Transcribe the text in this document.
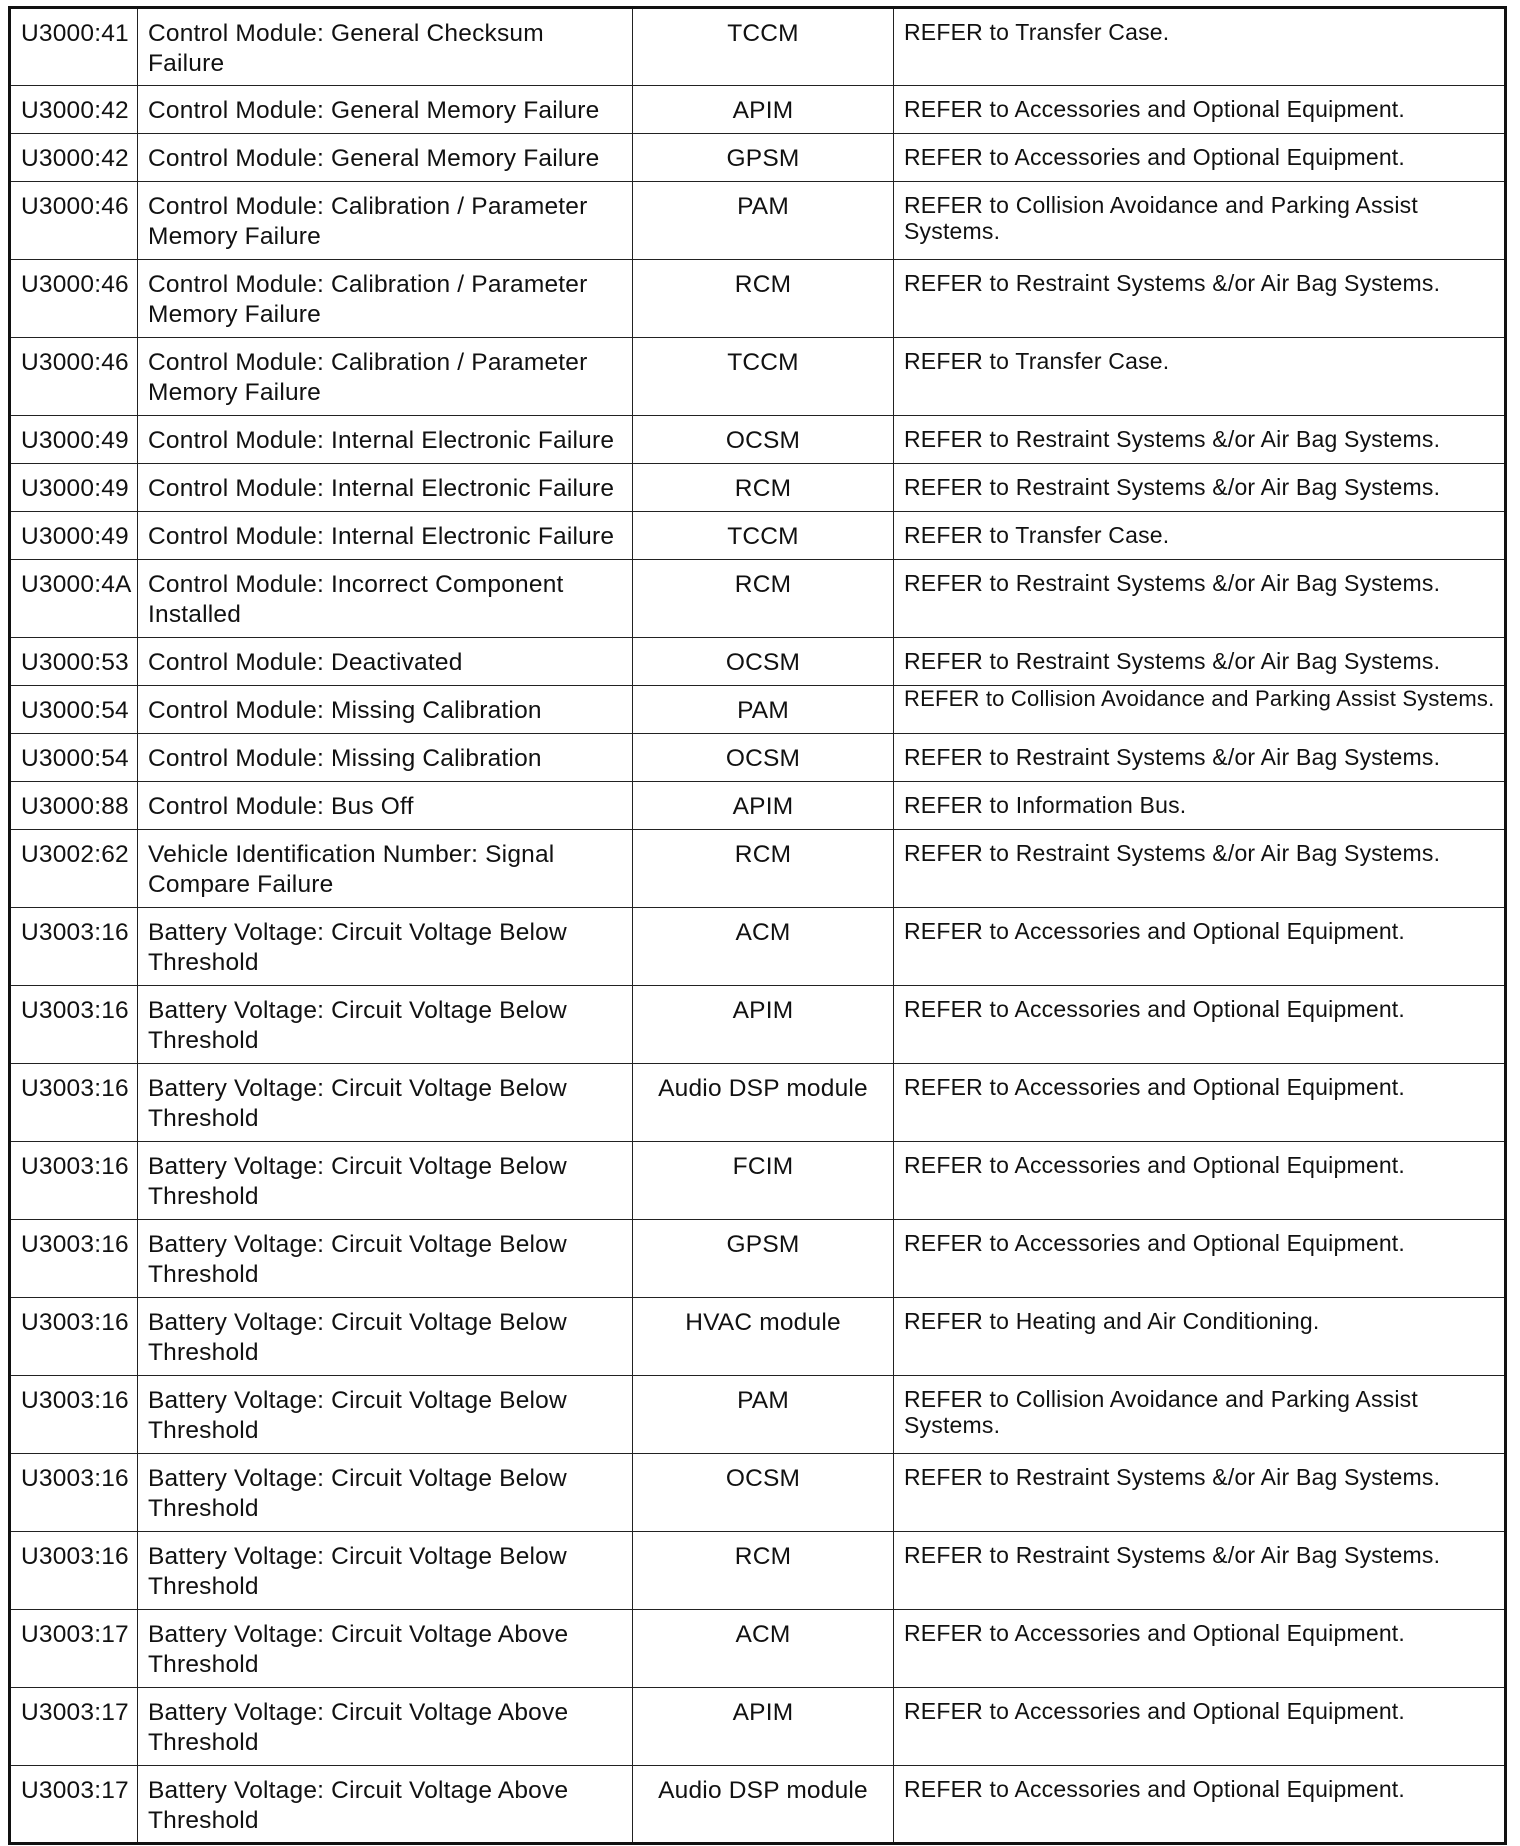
U3000:41	Control Module: General Checksum Failure	TCCM	REFER to Transfer Case.
U3000:42	Control Module: General Memory Failure	APIM	REFER to Accessories and Optional Equipment.
U3000:42	Control Module: General Memory Failure	GPSM	REFER to Accessories and Optional Equipment.
U3000:46	Control Module: Calibration / Parameter Memory Failure	PAM	REFER to Collision Avoidance and Parking Assist Systems.
U3000:46	Control Module: Calibration / Parameter Memory Failure	RCM	REFER to Restraint Systems &/or Air Bag Systems.
U3000:46	Control Module: Calibration / Parameter Memory Failure	TCCM	REFER to Transfer Case.
U3000:49	Control Module: Internal Electronic Failure	OCSM	REFER to Restraint Systems &/or Air Bag Systems.
U3000:49	Control Module: Internal Electronic Failure	RCM	REFER to Restraint Systems &/or Air Bag Systems.
U3000:49	Control Module: Internal Electronic Failure	TCCM	REFER to Transfer Case.
U3000:4A	Control Module: Incorrect Component Installed	RCM	REFER to Restraint Systems &/or Air Bag Systems.
U3000:53	Control Module: Deactivated	OCSM	REFER to Restraint Systems &/or Air Bag Systems.
U3000:54	Control Module: Missing Calibration	PAM	REFER to Collision Avoidance and Parking Assist Systems.
U3000:54	Control Module: Missing Calibration	OCSM	REFER to Restraint Systems &/or Air Bag Systems.
U3000:88	Control Module: Bus Off	APIM	REFER to Information Bus.
U3002:62	Vehicle Identification Number: Signal Compare Failure	RCM	REFER to Restraint Systems &/or Air Bag Systems.
U3003:16	Battery Voltage: Circuit Voltage Below Threshold	ACM	REFER to Accessories and Optional Equipment.
U3003:16	Battery Voltage: Circuit Voltage Below Threshold	APIM	REFER to Accessories and Optional Equipment.
U3003:16	Battery Voltage: Circuit Voltage Below Threshold	Audio DSP module	REFER to Accessories and Optional Equipment.
U3003:16	Battery Voltage: Circuit Voltage Below Threshold	FCIM	REFER to Accessories and Optional Equipment.
U3003:16	Battery Voltage: Circuit Voltage Below Threshold	GPSM	REFER to Accessories and Optional Equipment.
U3003:16	Battery Voltage: Circuit Voltage Below Threshold	HVAC module	REFER to Heating and Air Conditioning.
U3003:16	Battery Voltage: Circuit Voltage Below Threshold	PAM	REFER to Collision Avoidance and Parking Assist Systems.
U3003:16	Battery Voltage: Circuit Voltage Below Threshold	OCSM	REFER to Restraint Systems &/or Air Bag Systems.
U3003:16	Battery Voltage: Circuit Voltage Below Threshold	RCM	REFER to Restraint Systems &/or Air Bag Systems.
U3003:17	Battery Voltage: Circuit Voltage Above Threshold	ACM	REFER to Accessories and Optional Equipment.
U3003:17	Battery Voltage: Circuit Voltage Above Threshold	APIM	REFER to Accessories and Optional Equipment.
U3003:17	Battery Voltage: Circuit Voltage Above Threshold	Audio DSP module	REFER to Accessories and Optional Equipment.
